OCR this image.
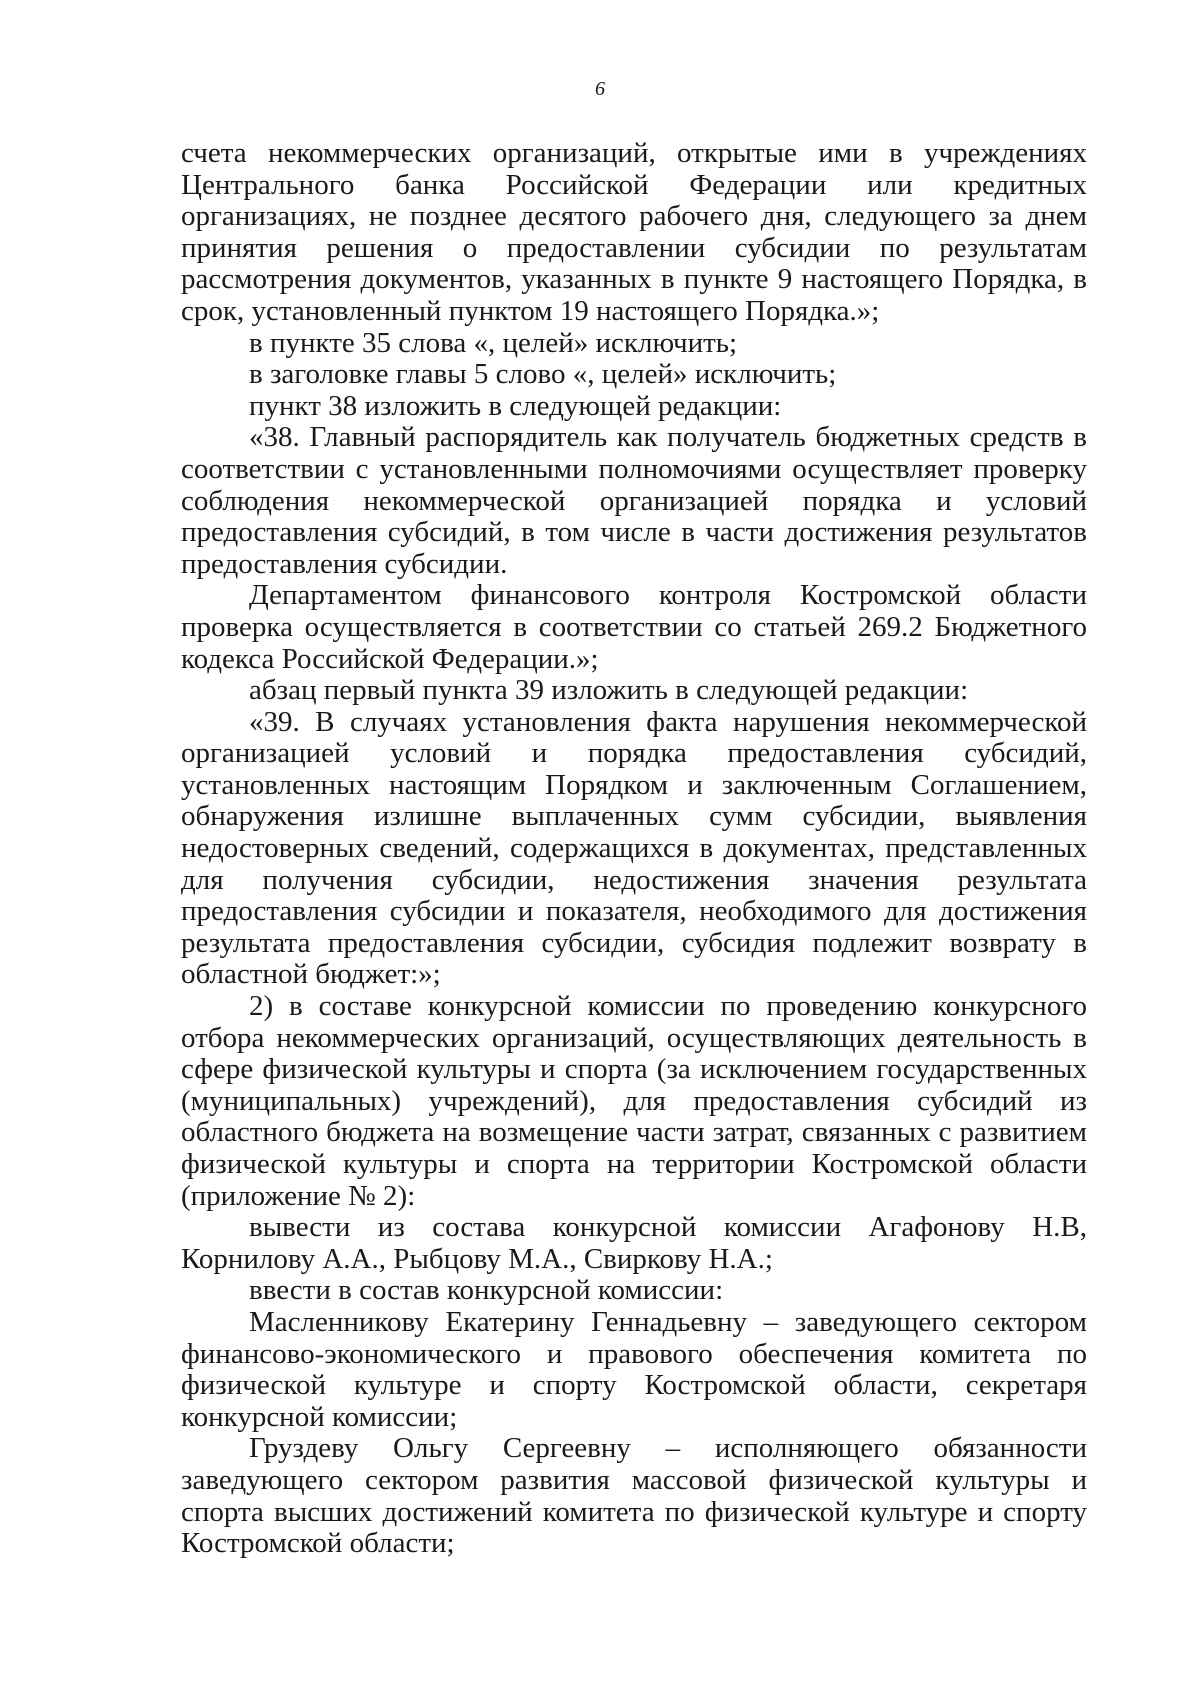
6

счета некоммерческих организаций, открытые ими в учреждениях Центрального банка Российской Федерации или кредитных организациях, не позднее десятого рабочего дня, следующего за днем принятия решения о предоставлении субсидии по результатам рассмотрения документов, указанных в пункте 9 настоящего Порядка, в срок, установленный пунктом 19 настоящего Порядка.»;

в пункте 35 слова «, целей» исключить;

в заголовке главы 5 слово «, целей» исключить;

пункт 38 изложить в следующей редакции:

«38. Главный распорядитель как получатель бюджетных средств в соответствии с установленными полномочиями осуществляет проверку соблюдения некоммерческой организацией порядка и условий предоставления субсидий, в том числе в части достижения результатов предоставления субсидии.

Департаментом финансового контроля Костромской области проверка осуществляется в соответствии со статьей 269.2 Бюджетного кодекса Российской Федерации.»;

абзац первый пункта 39 изложить в следующей редакции:

«39. В случаях установления факта нарушения некоммерческой организацией условий и порядка предоставления субсидий, установленных настоящим Порядком и заключенным Соглашением, обнаружения излишне выплаченных сумм субсидии, выявления недостоверных сведений, содержащихся в документах, представленных для получения субсидии, недостижения значения результата предоставления субсидии и показателя, необходимого для достижения результата предоставления субсидии, субсидия подлежит возврату в областной бюджет:»;

2) в составе конкурсной комиссии по проведению конкурсного отбора некоммерческих организаций, осуществляющих деятельность в сфере физической культуры и спорта (за исключением государственных (муниципальных) учреждений), для предоставления субсидий из областного бюджета на возмещение части затрат, связанных с развитием физической культуры и спорта на территории Костромской области (приложение № 2):

вывести из состава конкурсной комиссии Агафонову Н.В, Корнилову А.А., Рыбцову М.А., Свиркову Н.А.;

ввести в состав конкурсной комиссии:

Масленникову Екатерину Геннадьевну – заведующего сектором финансово-экономического и правового обеспечения комитета по физической культуре и спорту Костромской области, секретаря конкурсной комиссии;

Груздеву Ольгу Сергеевну – исполняющего обязанности заведующего сектором развития массовой физической культуры и спорта высших достижений комитета по физической культуре и спорту Костромской области;
